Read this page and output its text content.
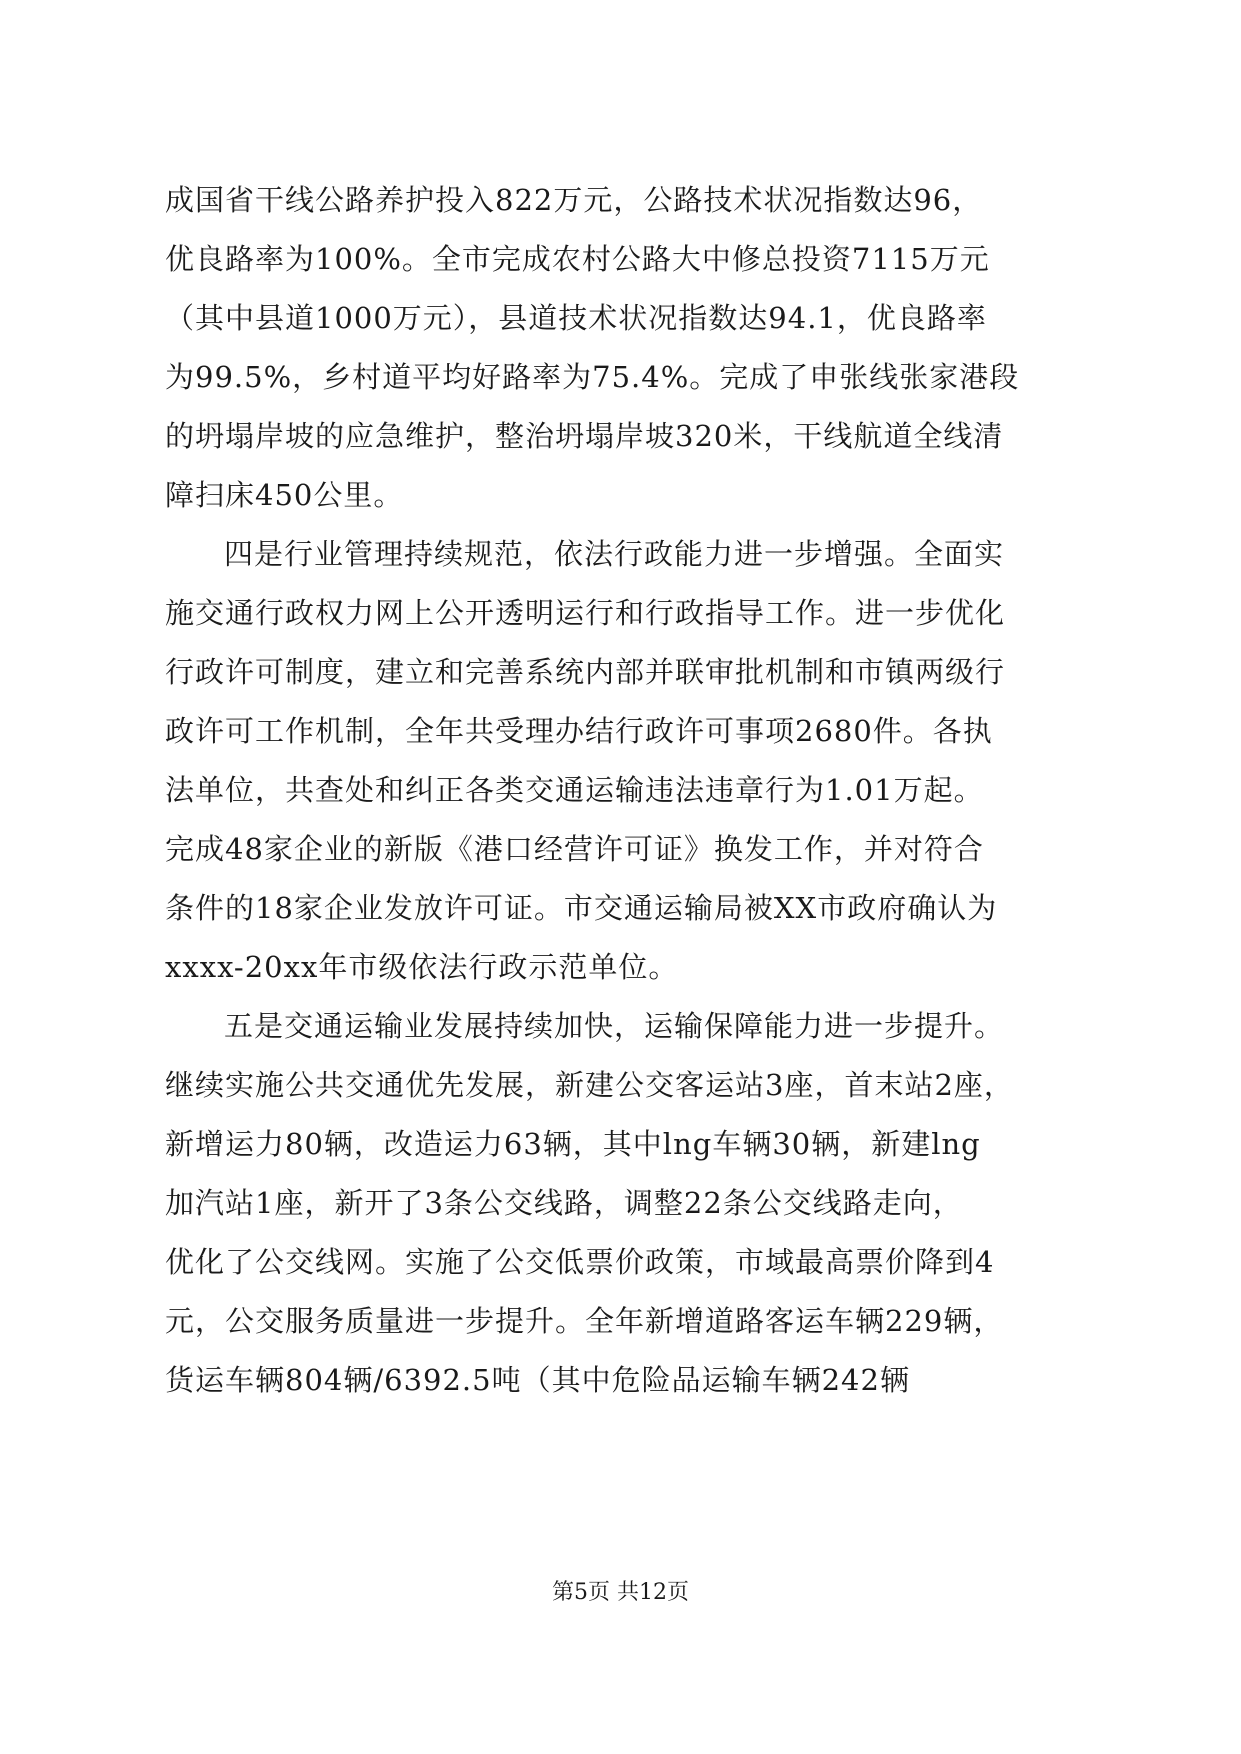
成国省干线公路养护投入822万元，公路技术状况指数达96，
优良路率为100%。全市完成农村公路大中修总投资7115万元
（其中县道1000万元），县道技术状况指数达94.1，优良路率
为99.5%，乡村道平均好路率为75.4%。完成了申张线张家港段
的坍塌岸坡的应急维护，整治坍塌岸坡320米，干线航道全线清
障扫床450公里。
四是行业管理持续规范，依法行政能力进一步增强。全面实
施交通行政权力网上公开透明运行和行政指导工作。进一步优化
行政许可制度，建立和完善系统内部并联审批机制和市镇两级行
政许可工作机制，全年共受理办结行政许可事项2680件。各执
法单位，共查处和纠正各类交通运输违法违章行为1.01万起。
完成48家企业的新版《港口经营许可证》换发工作，并对符合
条件的18家企业发放许可证。市交通运输局被XX市政府确认为
xxxx-20xx年市级依法行政示范单位。
五是交通运输业发展持续加快，运输保障能力进一步提升。
继续实施公共交通优先发展，新建公交客运站3座，首末站2座，
新增运力80辆，改造运力63辆，其中lng车辆30辆，新建lng
加汽站1座，新开了3条公交线路，调整22条公交线路走向，
优化了公交线网。实施了公交低票价政策，市域最高票价降到4
元，公交服务质量进一步提升。全年新增道路客运车辆229辆，
货运车辆804辆/6392.5吨（其中危险品运输车辆242辆
第5页 共12页
